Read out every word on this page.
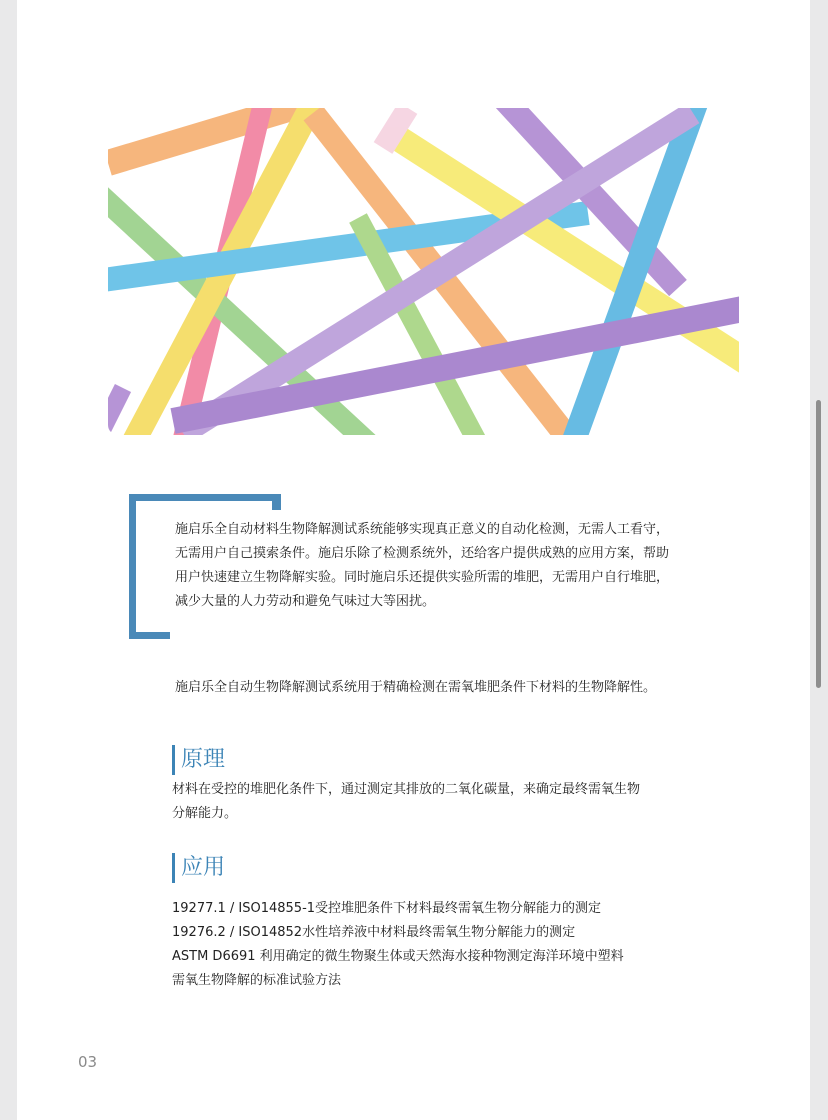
施启乐全自动材料生物降解测试系统能够实现真正意义的自动化检测，无需人工看守，
无需用户自己摸索条件。施启乐除了检测系统外，还给客户提供成熟的应用方案，帮助
用户快速建立生物降解实验。同时施启乐还提供实验所需的堆肥，无需用户自行堆肥，
减少大量的人力劳动和避免气味过大等困扰。

施启乐全自动生物降解测试系统用于精确检测在需氧堆肥条件下材料的生物降解性。

原理

材料在受控的堆肥化条件下，通过测定其排放的二氧化碳量，来确定最终需氧生物
分解能力。

应用
19277.1 / ISO14855-1受控堆肥条件下材料最终需氧生物分解能力的测定
19276.2 / ISO14852水性培养液中材料最终需氧生物分解能力的测定
ASTM D6691 利用确定的微生物聚生体或天然海水接种物测定海洋环境中塑料
需氧生物降解的标准试验方法
03
